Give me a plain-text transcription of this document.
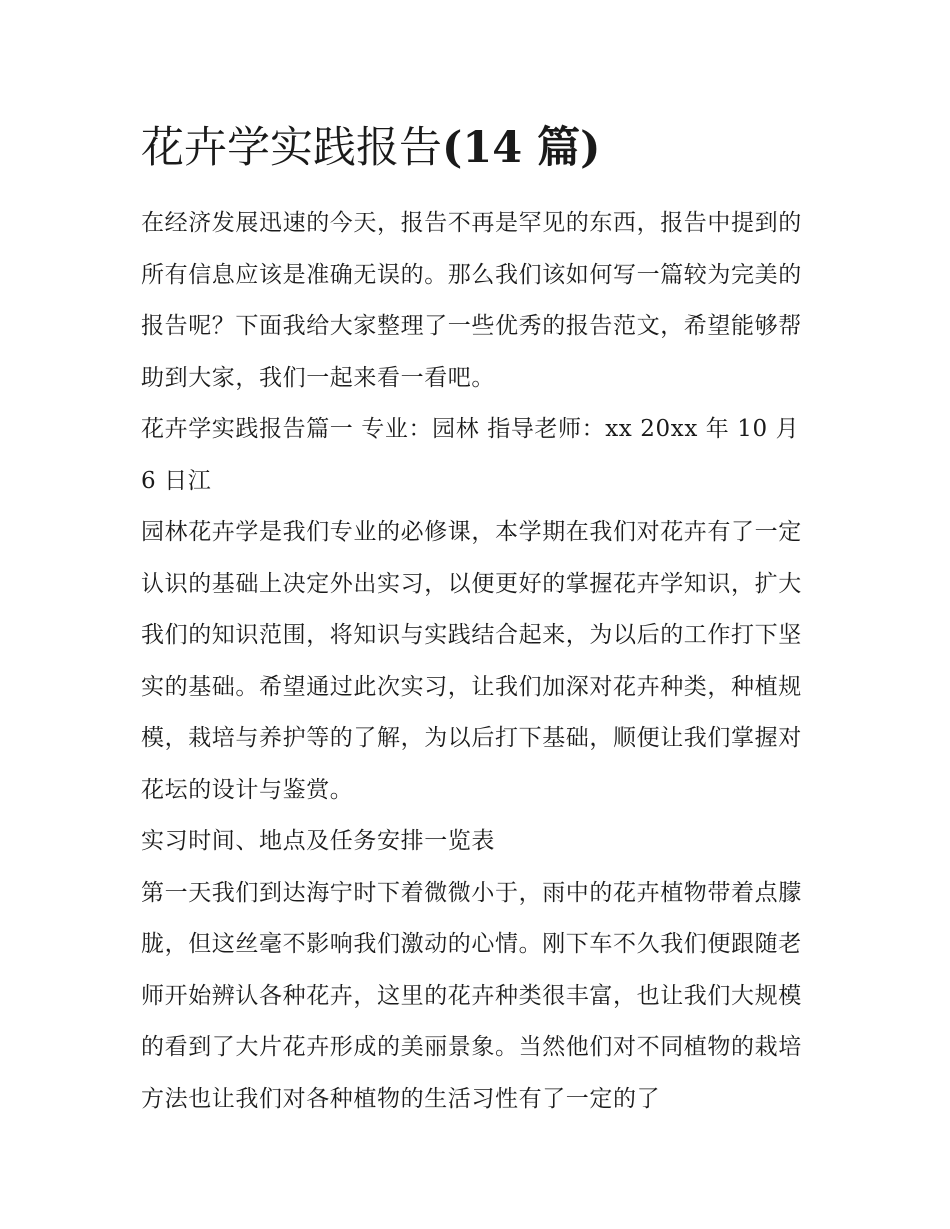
花卉学实践报告(14 篇)

在经济发展迅速的今天，报告不再是罕见的东西，报告中提到的所有信息应该是准确无误的。那么我们该如何写一篇较为完美的报告呢？下面我给大家整理了一些优秀的报告范文，希望能够帮助到大家，我们一起来看一看吧。

花卉学实践报告篇一 专业：园林 指导老师：xx 20xx 年 10 月 6 日江

园林花卉学是我们专业的必修课，本学期在我们对花卉有了一定认识的基础上决定外出实习，以便更好的掌握花卉学知识，扩大我们的知识范围，将知识与实践结合起来，为以后的工作打下坚实的基础。希望通过此次实习，让我们加深对花卉种类，种植规模，栽培与养护等的了解，为以后打下基础，顺便让我们掌握对花坛的设计与鉴赏。

实习时间、地点及任务安排一览表

第一天我们到达海宁时下着微微小于，雨中的花卉植物带着点朦胧，但这丝毫不影响我们激动的心情。刚下车不久我们便跟随老师开始辨认各种花卉，这里的花卉种类很丰富，也让我们大规模的看到了大片花卉形成的美丽景象。当然他们对不同植物的栽培方法也让我们对各种植物的生活习性有了一定的了
